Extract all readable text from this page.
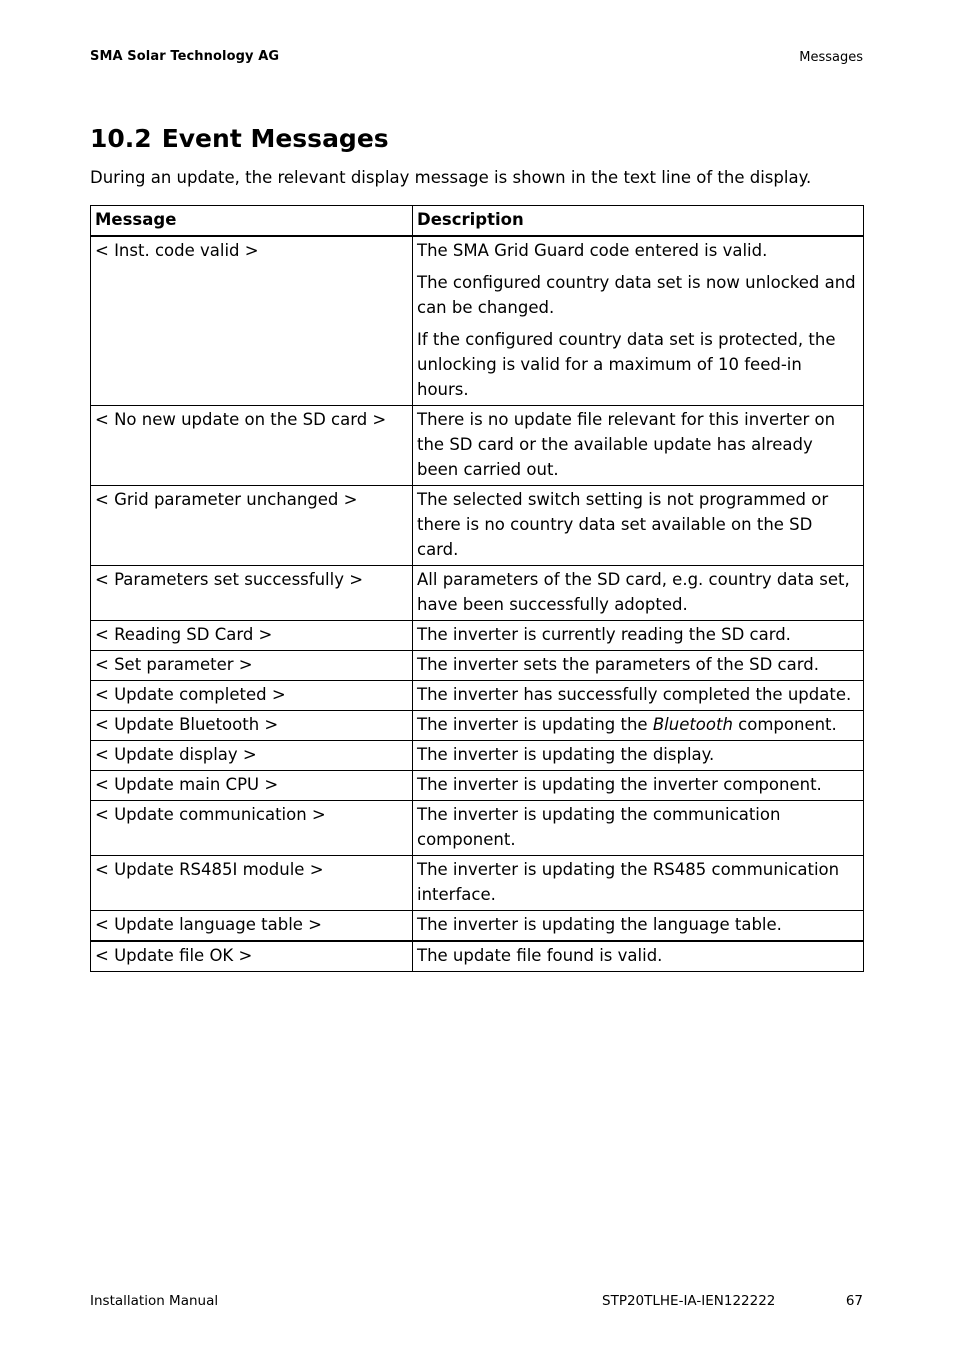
SMA Solar Technology AG	Messages
10.2 Event Messages

During an update, the relevant display message is shown in the text line of the display.

Message	Description
< Inst. code valid >	The SMA Grid Guard code entered is valid.

The configured country data set is now unlocked and can be changed.

If the configured country data set is protected, the unlocking is valid for a maximum of 10 feed-in hours.

< No new update on the SD card >	There is no update file relevant for this inverter on the SD card or the available update has already been carried out.
< Grid parameter unchanged >	The selected switch setting is not programmed or there is no country data set available on the SD card.
< Parameters set successfully >	All parameters of the SD card, e.g. country data set, have been successfully adopted.
< Reading SD Card >	The inverter is currently reading the SD card.
< Set parameter >	The inverter sets the parameters of the SD card.
< Update completed >	The inverter has successfully completed the update.
< Update Bluetooth >	The inverter is updating the Bluetooth component.
< Update display >	The inverter is updating the display.
< Update main CPU >	The inverter is updating the inverter component.
< Update communication >	The inverter is updating the communication component.
< Update RS485I module >	The inverter is updating the RS485 communication interface.
< Update language table >	The inverter is updating the language table.
< Update file OK >	The update file found is valid.
Installation Manual	STP20TLHE-IA-IEN122222	67
